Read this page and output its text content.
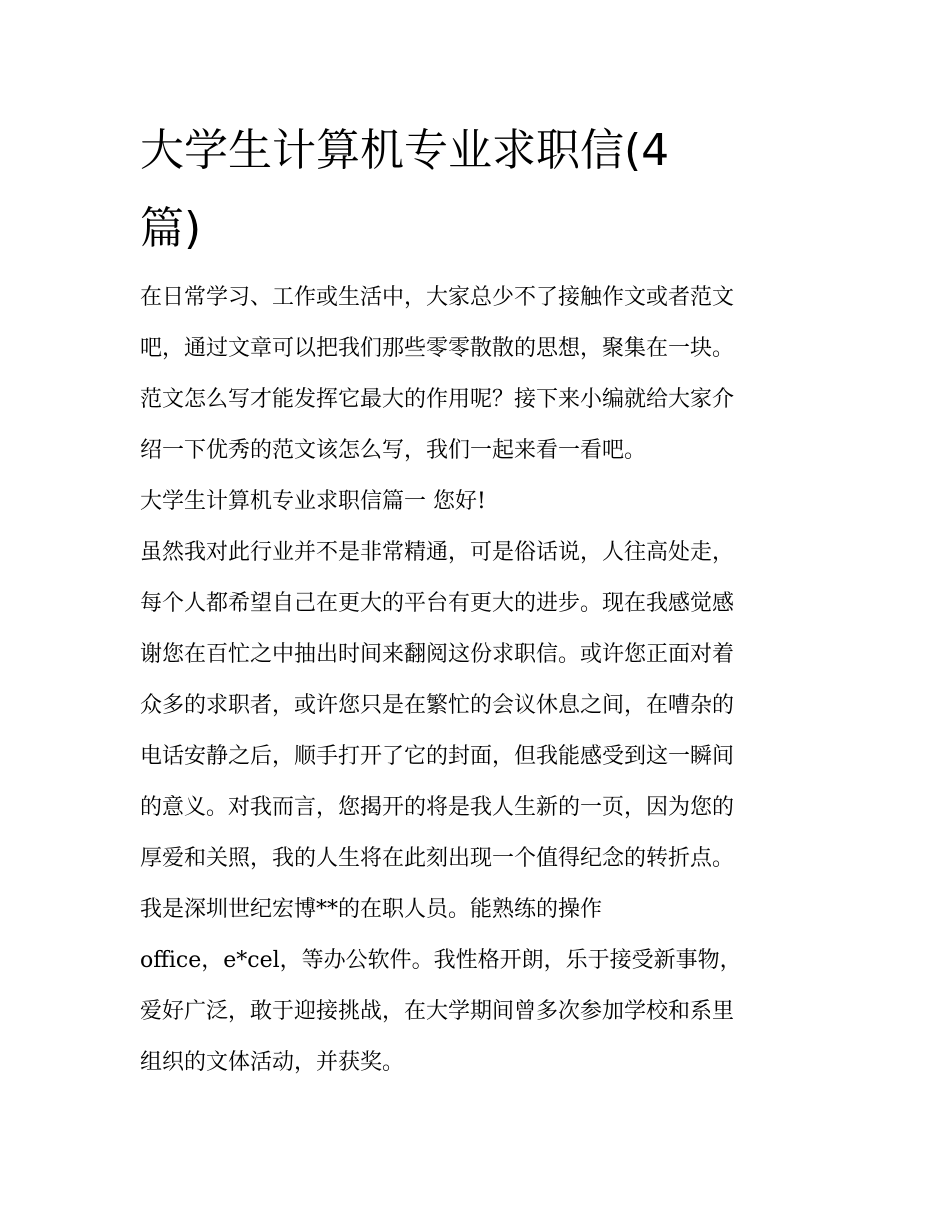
大学生计算机专业求职信(4
篇)

在日常学习、工作或生活中，大家总少不了接触作文或者范文

吧，通过文章可以把我们那些零零散散的思想，聚集在一块。

范文怎么写才能发挥它最大的作用呢？接下来小编就给大家介

绍一下优秀的范文该怎么写，我们一起来看一看吧。

大学生计算机专业求职信篇一 您好!

虽然我对此行业并不是非常精通，可是俗话说，人往高处走，

每个人都希望自己在更大的平台有更大的进步。现在我感觉感

谢您在百忙之中抽出时间来翻阅这份求职信。或许您正面对着

众多的求职者，或许您只是在繁忙的会议休息之间，在嘈杂的

电话安静之后，顺手打开了它的封面，但我能感受到这一瞬间

的意义。对我而言，您揭开的将是我人生新的一页，因为您的

厚爱和关照，我的人生将在此刻出现一个值得纪念的转折点。

我是深圳世纪宏博**的在职人员。能熟练的操作

office，e*cel，等办公软件。我性格开朗，乐于接受新事物，

爱好广泛，敢于迎接挑战，在大学期间曾多次参加学校和系里

组织的文体活动，并获奖。
